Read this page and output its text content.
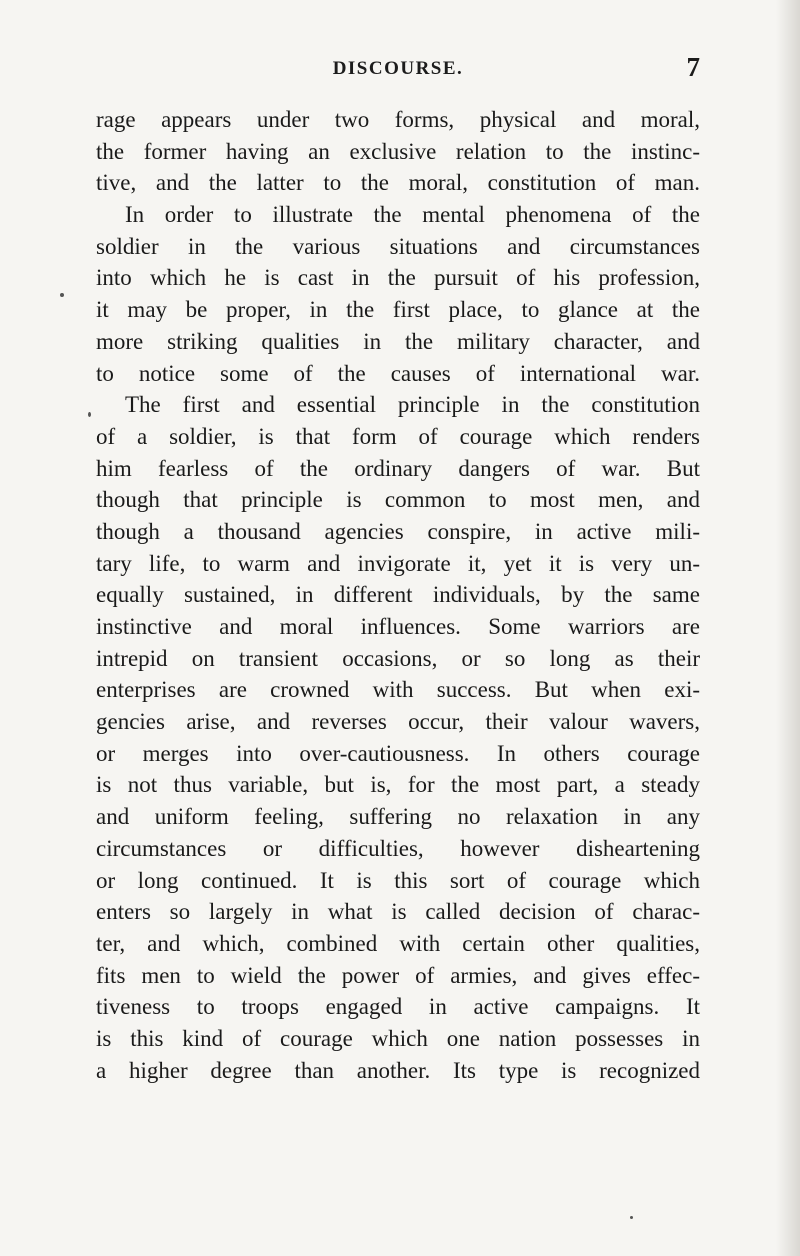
DISCOURSE.	7
rage appears under two forms, physical and moral,
the former having an exclusive relation to the instinc-
tive, and the latter to the moral, constitution of man.
In order to illustrate the mental phenomena of the
soldier in the various situations and circumstances
into which he is cast in the pursuit of his profession,
it may be proper, in the first place, to glance at the
more striking qualities in the military character, and
to notice some of the causes of international war.
The first and essential principle in the constitution
of a soldier, is that form of courage which renders
him fearless of the ordinary dangers of war. But
though that principle is common to most men, and
though a thousand agencies conspire, in active mili-
tary life, to warm and invigorate it, yet it is very un-
equally sustained, in different individuals, by the same
instinctive and moral influences. Some warriors are
intrepid on transient occasions, or so long as their
enterprises are crowned with success. But when exi-
gencies arise, and reverses occur, their valour wavers,
or merges into over-cautiousness. In others courage
is not thus variable, but is, for the most part, a steady
and uniform feeling, suffering no relaxation in any
circumstances or difficulties, however disheartening
or long continued. It is this sort of courage which
enters so largely in what is called decision of charac-
ter, and which, combined with certain other qualities,
fits men to wield the power of armies, and gives effec-
tiveness to troops engaged in active campaigns. It
is this kind of courage which one nation possesses in
a higher degree than another. Its type is recognized
